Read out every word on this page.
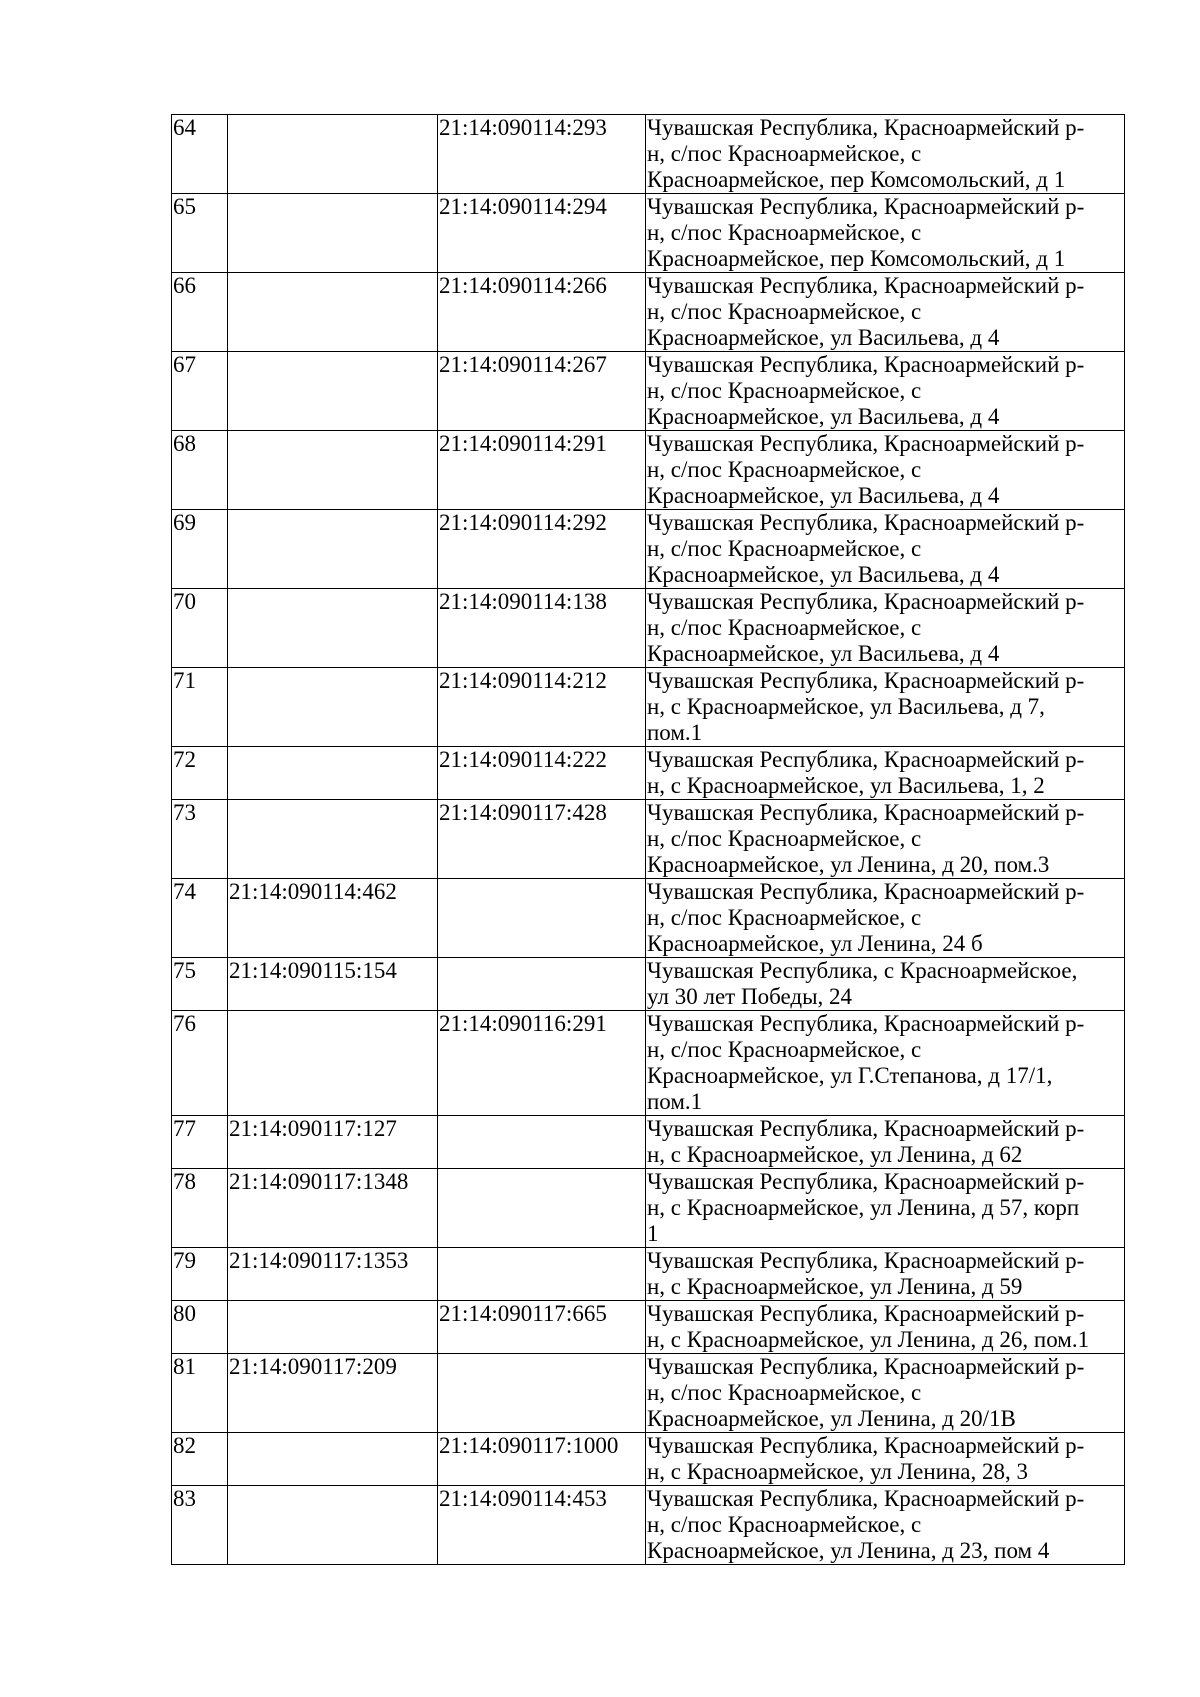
64		21:14:090114:293	Чувашская Республика, Красноармейский р-
н, с/пос Красноармейское, с
Красноармейское, пер Комсомольский, д 1
65		21:14:090114:294	Чувашская Республика, Красноармейский р-
н, с/пос Красноармейское, с
Красноармейское, пер Комсомольский, д 1
66		21:14:090114:266	Чувашская Республика, Красноармейский р-
н, с/пос Красноармейское, с
Красноармейское, ул Васильева, д 4
67		21:14:090114:267	Чувашская Республика, Красноармейский р-
н, с/пос Красноармейское, с
Красноармейское, ул Васильева, д 4
68		21:14:090114:291	Чувашская Республика, Красноармейский р-
н, с/пос Красноармейское, с
Красноармейское, ул Васильева, д 4
69		21:14:090114:292	Чувашская Республика, Красноармейский р-
н, с/пос Красноармейское, с
Красноармейское, ул Васильева, д 4
70		21:14:090114:138	Чувашская Республика, Красноармейский р-
н, с/пос Красноармейское, с
Красноармейское, ул Васильева, д 4
71		21:14:090114:212	Чувашская Республика, Красноармейский р-
н, с Красноармейское, ул Васильева, д 7,
пом.1
72		21:14:090114:222	Чувашская Республика, Красноармейский р-
н, с Красноармейское, ул Васильева, 1, 2
73		21:14:090117:428	Чувашская Республика, Красноармейский р-
н, с/пос Красноармейское, с
Красноармейское, ул Ленина, д 20, пом.3
74	21:14:090114:462		Чувашская Республика, Красноармейский р-
н, с/пос Красноармейское, с
Красноармейское, ул Ленина, 24 б
75	21:14:090115:154		Чувашская Республика, с Красноармейское,
ул 30 лет Победы, 24
76		21:14:090116:291	Чувашская Республика, Красноармейский р-
н, с/пос Красноармейское, с
Красноармейское, ул Г.Степанова, д 17/1,
пом.1
77	21:14:090117:127		Чувашская Республика, Красноармейский р-
н, с Красноармейское, ул Ленина, д 62
78	21:14:090117:1348		Чувашская Республика, Красноармейский р-
н, с Красноармейское, ул Ленина, д 57, корп
1
79	21:14:090117:1353		Чувашская Республика, Красноармейский р-
н, с Красноармейское, ул Ленина, д 59
80		21:14:090117:665	Чувашская Республика, Красноармейский р-
н, с Красноармейское, ул Ленина, д 26, пом.1
81	21:14:090117:209		Чувашская Республика, Красноармейский р-
н, с/пос Красноармейское, с
Красноармейское, ул Ленина, д 20/1В
82		21:14:090117:1000	Чувашская Республика, Красноармейский р-
н, с Красноармейское, ул Ленина, 28, 3
83		21:14:090114:453	Чувашская Республика, Красноармейский р-
н, с/пос Красноармейское, с
Красноармейское, ул Ленина, д 23, пом 4
